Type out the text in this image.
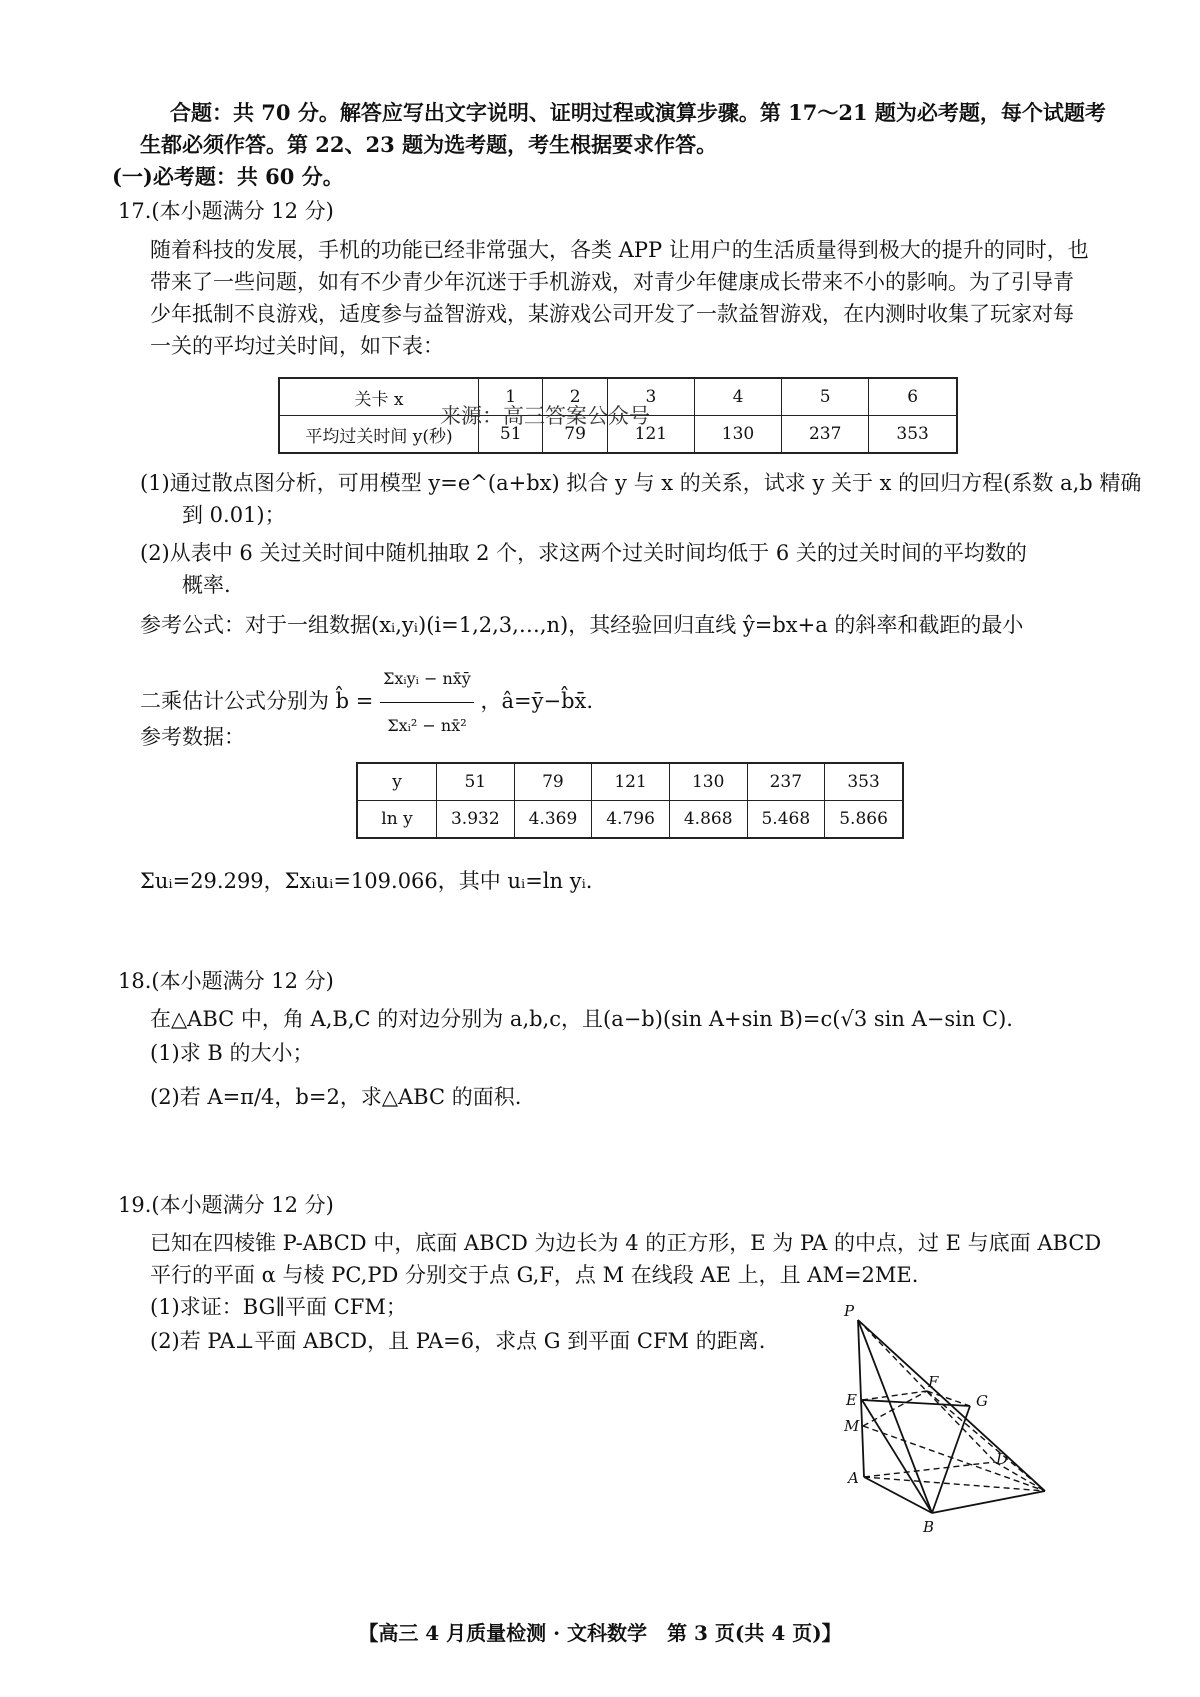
合题：共 70 分。解答应写出文字说明、证明过程或演算步骤。第 17～21 题为必考题，每个试题考
生都必须作答。第 22、23 题为选考题，考生根据要求作答。
(一)必考题：共 60 分。
17.(本小题满分 12 分)
随着科技的发展，手机的功能已经非常强大，各类 APP 让用户的生活质量得到极大的提升的同时，也
带来了一些问题，如有不少青少年沉迷于手机游戏，对青少年健康成长带来不小的影响。为了引导青
少年抵制不良游戏，适度参与益智游戏，某游戏公司开发了一款益智游戏，在内测时收集了玩家对每
一关的平均过关时间，如下表：
关卡 x	1	2	3	4	5	6
平均过关时间 y(秒)	51	79	121	130	237	353
来源：高三答案公众号
(1)通过散点图分析，可用模型 y=e^(a+bx) 拟合 y 与 x 的关系，试求 y 关于 x 的回归方程(系数 a,b 精确
到 0.01)；
(2)从表中 6 关过关时间中随机抽取 2 个，求这两个过关时间均低于 6 关的过关时间的平均数的
概率.
参考公式：对于一组数据(xᵢ,yᵢ)(i=1,2,3,…,n)，其经验回归直线 ŷ=bx+a 的斜率和截距的最小
二乘估计公式分别为 b̂ = $\frac{\text{Σxᵢyᵢ − nx̄ȳ}}{\text{Σxᵢ² − nx̄²}}$ ，â=ȳ−b̂x̄.
参考数据：
y	51	79	121	130	237	353
ln y	3.932	4.369	4.796	4.868	5.468	5.866
Σuᵢ=29.299，Σxᵢuᵢ=109.066，其中 uᵢ=ln yᵢ.
18.(本小题满分 12 分)
在△ABC 中，角 A,B,C 的对边分别为 a,b,c，且(a−b)(sin A+sin B)=c(√3 sin A−sin C).
(1)求 B 的大小；
(2)若 A=π/4，b=2，求△ABC 的面积.
19.(本小题满分 12 分)
已知在四棱锥 P-ABCD 中，底面 ABCD 为边长为 4 的正方形，E 为 PA 的中点，过 E 与底面 ABCD
平行的平面 α 与棱 PC,PD 分别交于点 G,F，点 M 在线段 AE 上，且 AM=2ME.
(1)求证：BG∥平面 CFM；
(2)若 PA⊥平面 ABCD，且 PA=6，求点 G 到平面 CFM 的距离.
P
E
F
G
M
A
B
D
【高三 4 月质量检测 · 文科数学　第 3 页(共 4 页)】
